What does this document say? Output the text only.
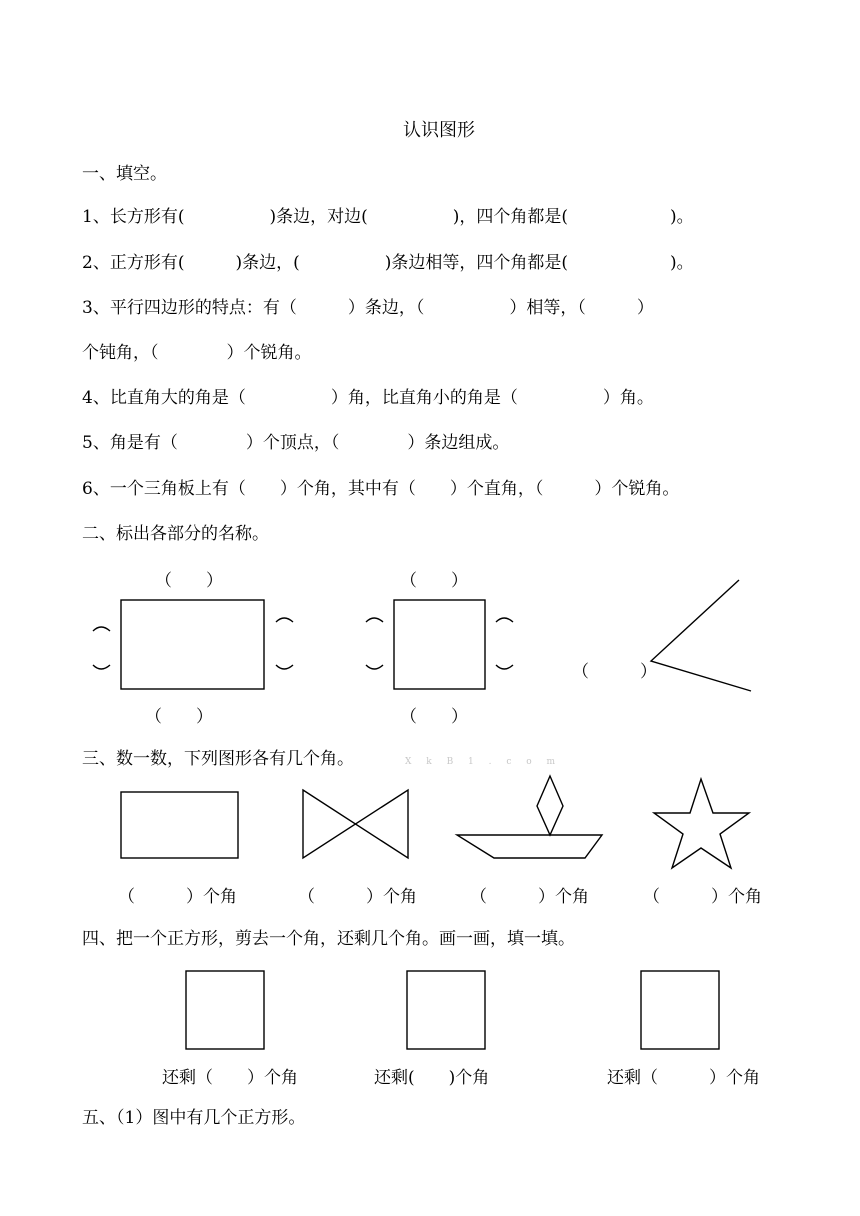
认识图形
一、填空。
1、长方形有(　　　　　)条边，对边(　　　　　)，四个角都是(　　　　　　)。
2、正方形有(　　　)条边，(　　　　　)条边相等，四个角都是(　　　　　　)。
3、平行四边形的特点：有（　　　）条边，（　　　　　）相等，（　　　）
个钝角，（　　　　）个锐角。
4、比直角大的角是（　　　　　）角，比直角小的角是（　　　　　）角。
5、角是有（　　　　）个顶点，（　　　　）条边组成。
6、一个三角板上有（　　）个角，其中有（　　）个直角，（　　　）个锐角。
二、标出各部分的名称。
（　　）
（　　）
（　　）
（　　）
（　　　）
三、数一数，下列图形各有几个角。	X k B 1 . c o m
（　　　）个角	（　　　）个角	（　　　）个角	（　　　）个角
四、把一个正方形，剪去一个角，还剩几个角。画一画，填一填。
还剩（　　）个角	还剩(　　)个角	还剩（　　　）个角
五、（1）图中有几个正方形。
